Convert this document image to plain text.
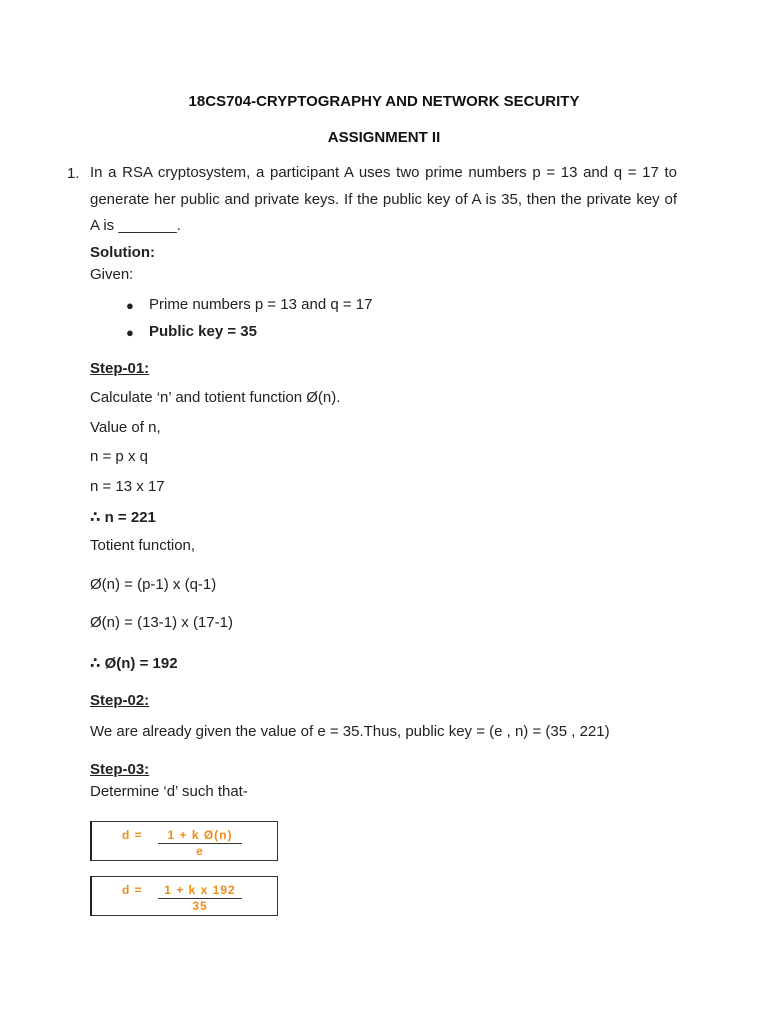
18CS704-CRYPTOGRAPHY AND NETWORK SECURITY
ASSIGNMENT II
1. In a RSA cryptosystem, a participant A uses two prime numbers p = 13 and q = 17 to generate her public and private keys. If the public key of A is 35, then the private key of A is _______.
Solution:
Given:
● Prime numbers p = 13 and q = 17
● Public key = 35
Step-01:
Calculate ‘n’ and totient function Ø(n).
Value of n,
n = p x q
n = 13 x 17
∴ n = 221
Totient function,
Ø(n) = (p-1) x (q-1)
Ø(n) = (13-1) x (17-1)
∴ Ø(n) = 192
Step-02:
We are already given the value of e = 35.Thus, public key = (e , n) = (35 , 221)
Step-03:
Determine ‘d’ such that-
d =	1 + k Ø(n)
e
d =	1 + k x 192
35
